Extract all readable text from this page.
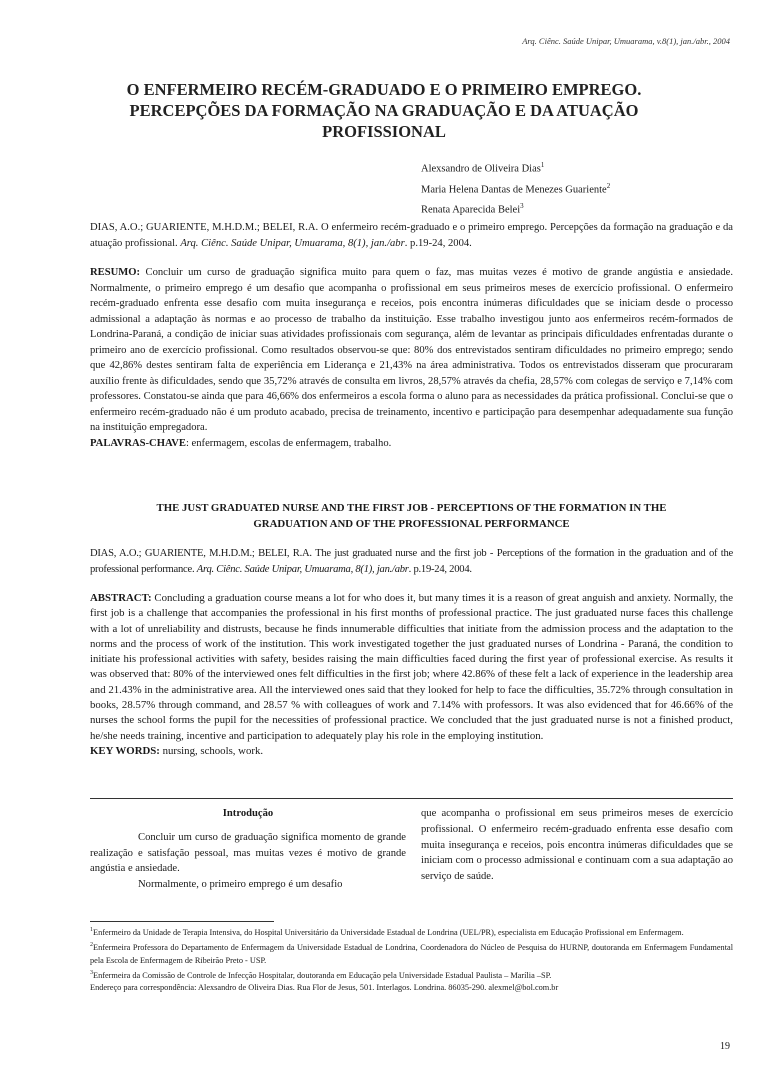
Arq. Ciênc. Saúde Unipar, Umuarama, v.8(1), jan./abr., 2004
O ENFERMEIRO RECÉM-GRADUADO E O PRIMEIRO EMPREGO.
PERCEPÇÕES DA FORMAÇÃO NA GRADUAÇÃO E DA ATUAÇÃO
PROFISSIONAL
Alexsandro de Oliveira Dias$^1$
Maria Helena Dantas de Menezes Guariente$^2$
Renata Aparecida Belei$^3$
DIAS, A.O.; GUARIENTE, M.H.D.M.; BELEI, R.A. O enfermeiro recém-graduado e o primeiro emprego. Percepções da formação na graduação e da atuação profissional. Arq. Ciênc. Saúde Unipar, Umuarama, 8(1), jan./abr. p.19-24, 2004.
RESUMO: Concluir um curso de graduação significa muito para quem o faz, mas muitas vezes é motivo de grande angústia e ansiedade. Normalmente, o primeiro emprego é um desafio que acompanha o profissional em seus primeiros meses de exercício profissional. O enfermeiro recém-graduado enfrenta esse desafio com muita insegurança e receios, pois encontra inúmeras dificuldades que se iniciam desde o processo admissional a adaptação às normas e ao processo de trabalho da instituição. Esse trabalho investigou junto aos enfermeiros recém-formados de Londrina-Paraná, a condição de iniciar suas atividades profissionais com segurança, além de levantar as principais dificuldades enfrentadas durante o primeiro ano de exercício profissional. Como resultados observou-se que: 80% dos entrevistados sentiram dificuldades no primeiro emprego; sendo que 42,86% destes sentiram falta de experiência em Liderança e 21,43% na área administrativa. Todos os entrevistados disseram que procuraram auxílio frente às dificuldades, sendo que 35,72% através de consulta em livros, 28,57% através da chefia, 28,57% com colegas de serviço e 7,14% com professores. Constatou-se ainda que para 46,66% dos enfermeiros a escola forma o aluno para as necessidades da prática profissional. Conclui-se que o enfermeiro recém-graduado não é um produto acabado, precisa de treinamento, incentivo e participação para desempenhar adequadamente sua função na instituição empregadora.
PALAVRAS-CHAVE: enfermagem, escolas de enfermagem, trabalho.
THE JUST GRADUATED NURSE AND THE FIRST JOB - PERCEPTIONS OF THE FORMATION IN THE
GRADUATION AND OF THE PROFESSIONAL PERFORMANCE
DIAS, A.O.; GUARIENTE, M.H.D.M.; BELEI, R.A. The just graduated nurse and the first job - Perceptions of the formation in the graduation and of the professional performance. Arq. Ciênc. Saúde Unipar, Umuarama, 8(1), jan./abr. p.19-24, 2004.
ABSTRACT: Concluding a graduation course means a lot for who does it, but many times it is a reason of great anguish and anxiety. Normally, the first job is a challenge that accompanies the professional in his first months of professional practice. The just graduated nurse faces this challenge with a lot of unreliability and distrusts, because he finds innumerable difficulties that initiate from the admission process and the adaptation to the norms and the process of work of the institution. This work investigated together the just graduated nurses of Londrina - Paraná, the condition to initiate his professional activities with safety, besides raising the main difficulties faced during the first year of professional exercise. As results it was observed that: 80% of the interviewed ones felt difficulties in the first job; where 42.86% of these felt a lack of experience in the leadership area and 21.43% in the administrative area. All the interviewed ones said that they looked for help to face the difficulties, 35.72% through consultation in books, 28.57% through command, and 28.57 % with colleagues of work and 7.14% with professors. It was also evidenced that for 46.66% of the nurses the school forms the pupil for the necessities of professional practice. We concluded that the just graduated nurse is not a finished product, he/she needs training, incentive and participation to adequately play his role in the employing institution.
KEY WORDS: nursing, schools, work.
Introdução
Concluir um curso de graduação significa momento de grande realização e satisfação pessoal, mas muitas vezes é motivo de grande angústia e ansiedade.
Normalmente, o primeiro emprego é um desafio
que acompanha o profissional em seus primeiros meses de exercício profissional. O enfermeiro recém-graduado enfrenta esse desafio com muita insegurança e receios, pois encontra inúmeras dificuldades que se iniciam com o processo admissional e continuam com a sua adaptação ao serviço de saúde.
$^1$Enfermeiro da Unidade de Terapia Intensiva, do Hospital Universitário da Universidade Estadual de Londrina (UEL/PR), especialista em Educação Profissional em Enfermagem.
$^2$Enfermeira Professora do Departamento de Enfermagem da Universidade Estadual de Londrina, Coordenadora do Núcleo de Pesquisa do HURNP, doutoranda em Enfermagem Fundamental pela Escola de Enfermagem de Ribeirão Preto - USP.
$^3$Enfermeira da Comissão de Controle de Infecção Hospitalar, doutoranda em Educação pela Universidade Estadual Paulista – Marília –SP.
Endereço para correspondência: Alexsandro de Oliveira Dias. Rua Flor de Jesus, 501. Interlagos. Londrina. 86035-290. alexmel@bol.com.br
19
